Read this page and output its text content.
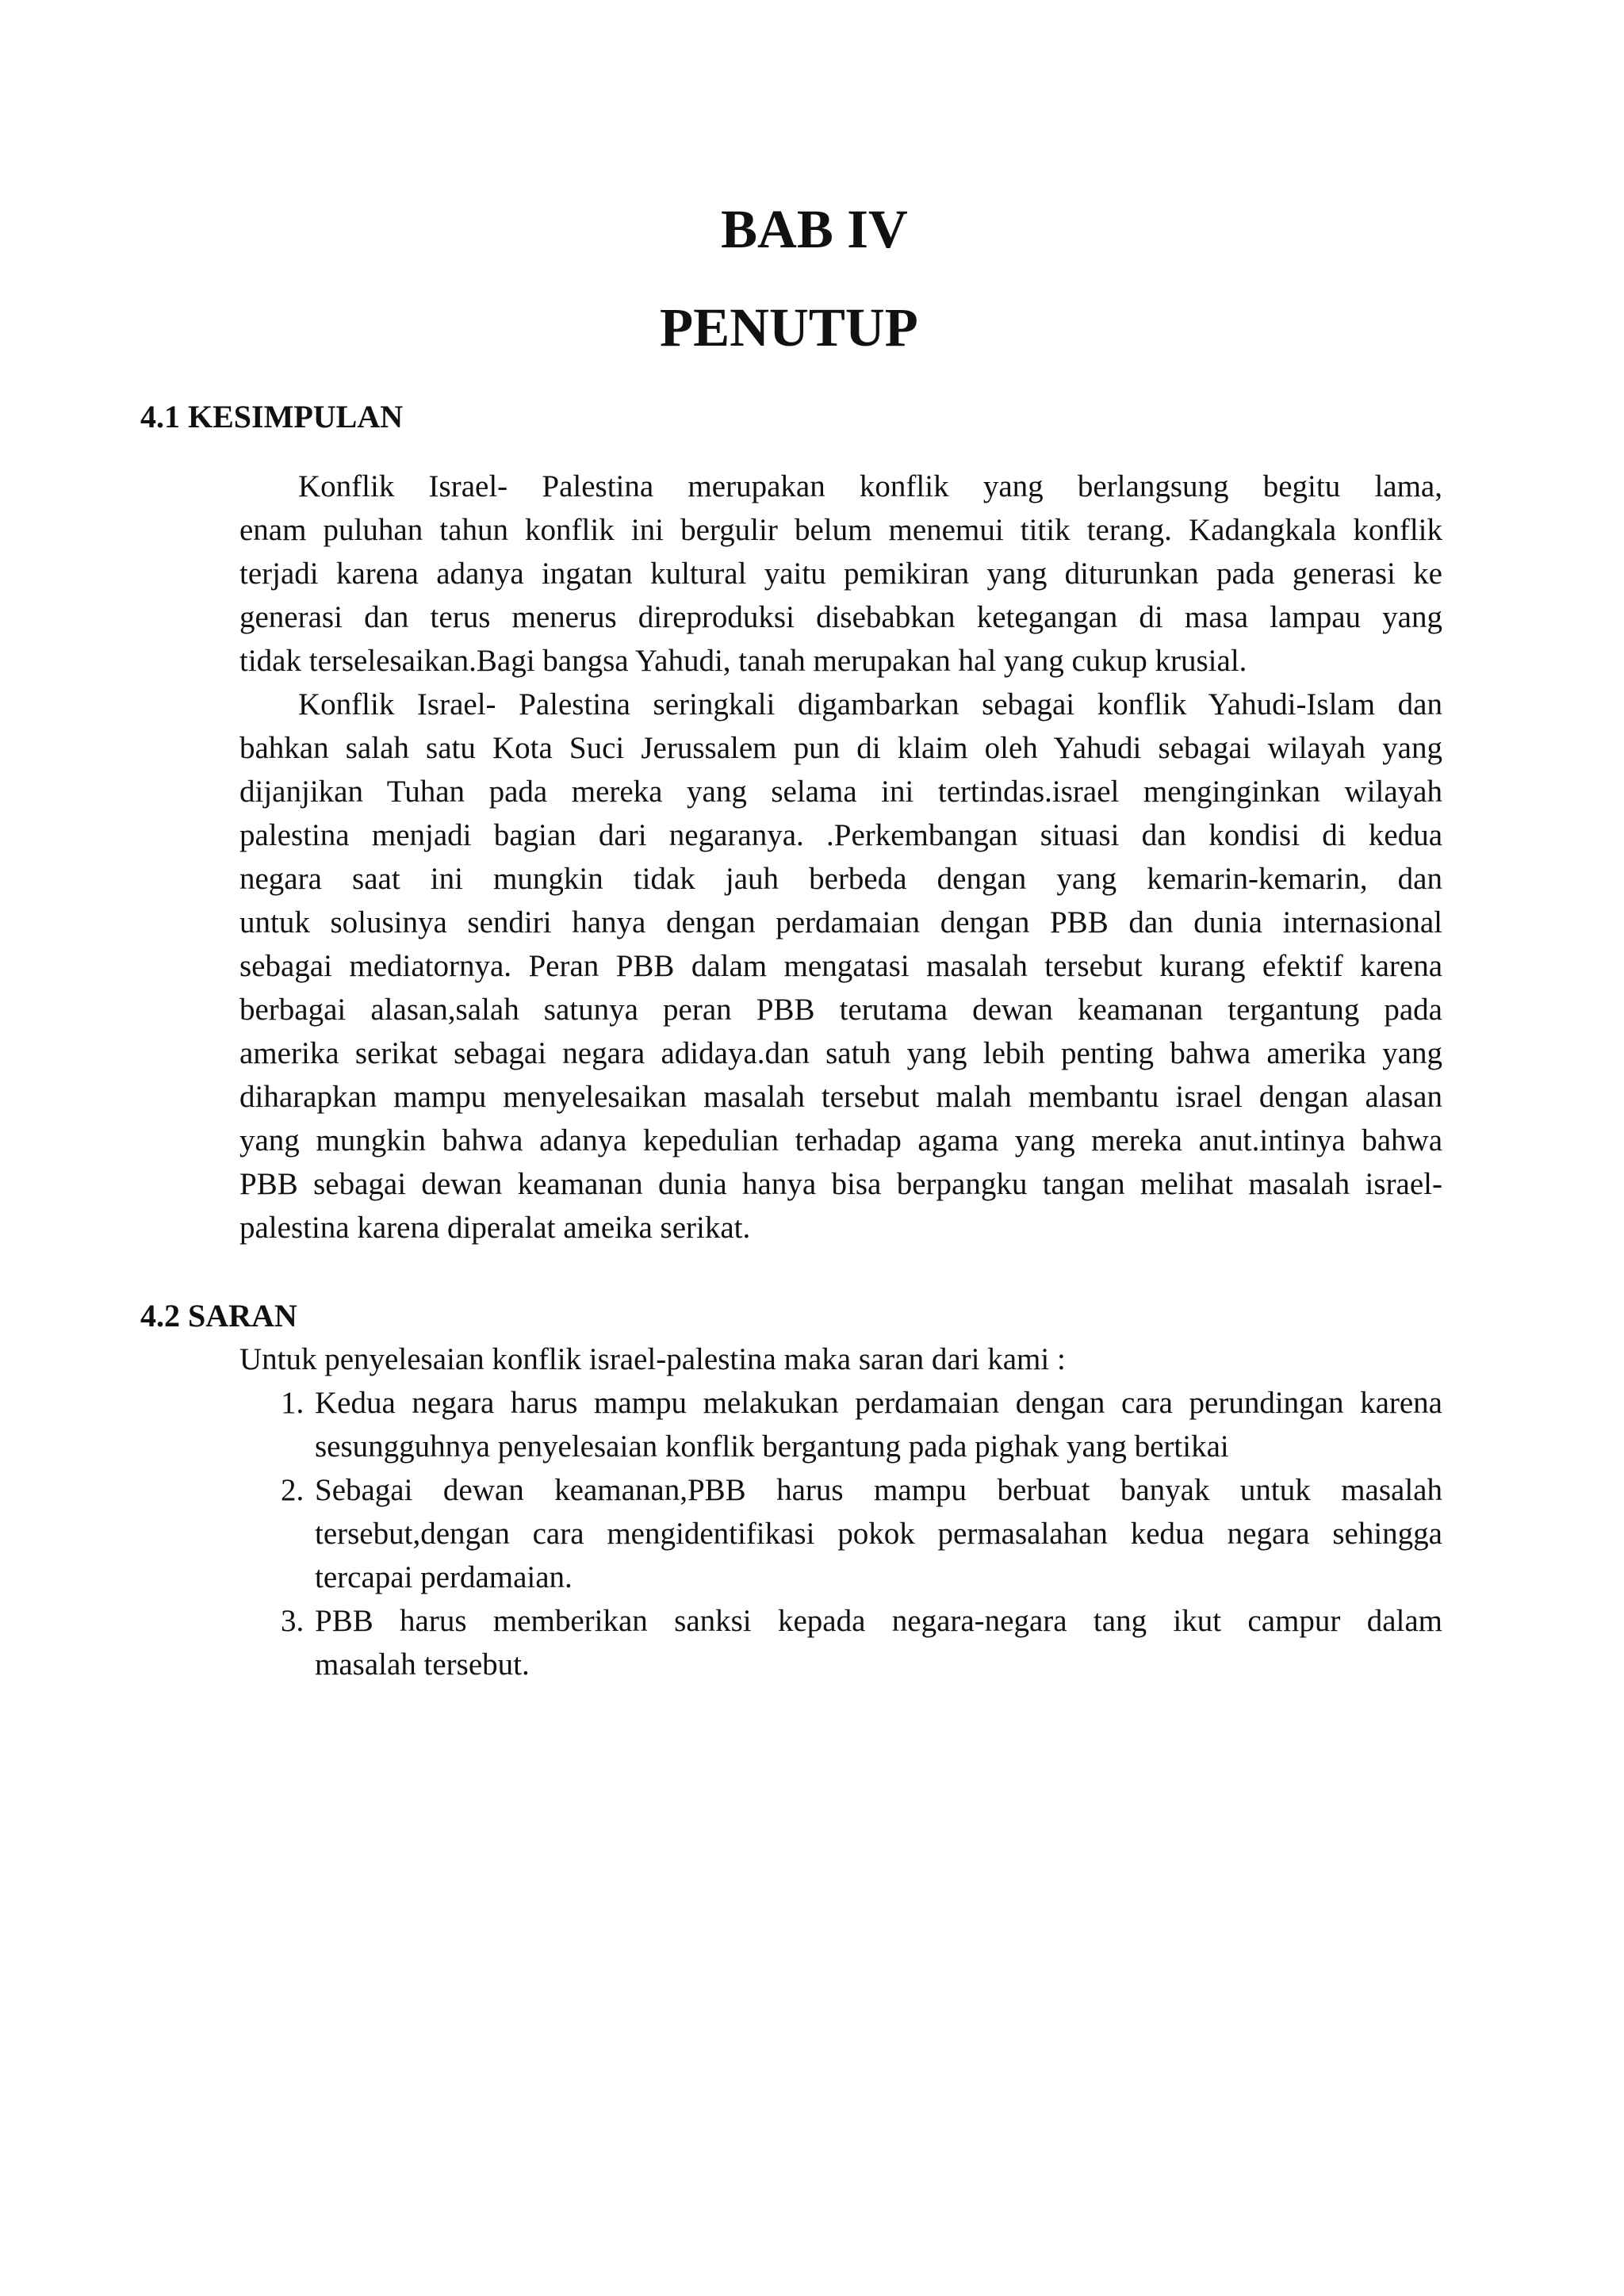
BAB IV
PENUTUP
4.1 KESIMPULAN
Konflik Israel- Palestina merupakan konflik yang berlangsung begitu lama,
enam puluhan tahun konflik ini bergulir belum menemui titik terang. Kadangkala konflik
terjadi karena adanya ingatan kultural yaitu pemikiran yang diturunkan pada generasi ke
generasi dan terus menerus direproduksi disebabkan ketegangan di masa lampau yang
tidak terselesaikan.Bagi bangsa Yahudi, tanah merupakan hal yang cukup krusial.
Konflik Israel- Palestina seringkali digambarkan sebagai konflik Yahudi-Islam dan
bahkan salah satu Kota Suci Jerussalem pun di klaim oleh Yahudi sebagai wilayah yang
dijanjikan Tuhan pada mereka yang selama ini tertindas.israel menginginkan wilayah
palestina menjadi bagian dari negaranya. .Perkembangan situasi dan kondisi di kedua
negara saat ini mungkin tidak jauh berbeda dengan yang kemarin-kemarin, dan
untuk solusinya sendiri hanya dengan perdamaian dengan PBB dan dunia internasional
sebagai mediatornya. Peran PBB dalam mengatasi masalah tersebut kurang efektif karena
berbagai alasan,salah satunya peran PBB terutama dewan keamanan tergantung pada
amerika serikat sebagai negara adidaya.dan satuh yang lebih penting bahwa amerika yang
diharapkan mampu menyelesaikan masalah tersebut malah membantu israel dengan alasan
yang mungkin bahwa adanya kepedulian terhadap agama yang mereka anut.intinya bahwa
PBB sebagai dewan keamanan dunia hanya bisa berpangku tangan melihat masalah israel-
palestina karena diperalat ameika serikat.
4.2 SARAN
Untuk penyelesaian konflik israel-palestina maka saran dari kami :
1. Kedua negara harus mampu melakukan perdamaian dengan cara perundingan karena
sesungguhnya penyelesaian konflik bergantung pada pighak yang bertikai
2. Sebagai dewan keamanan,PBB harus mampu berbuat banyak untuk masalah
tersebut,dengan cara mengidentifikasi pokok permasalahan kedua negara sehingga
tercapai perdamaian.
3. PBB harus memberikan sanksi kepada negara-negara tang ikut campur dalam
masalah tersebut.
